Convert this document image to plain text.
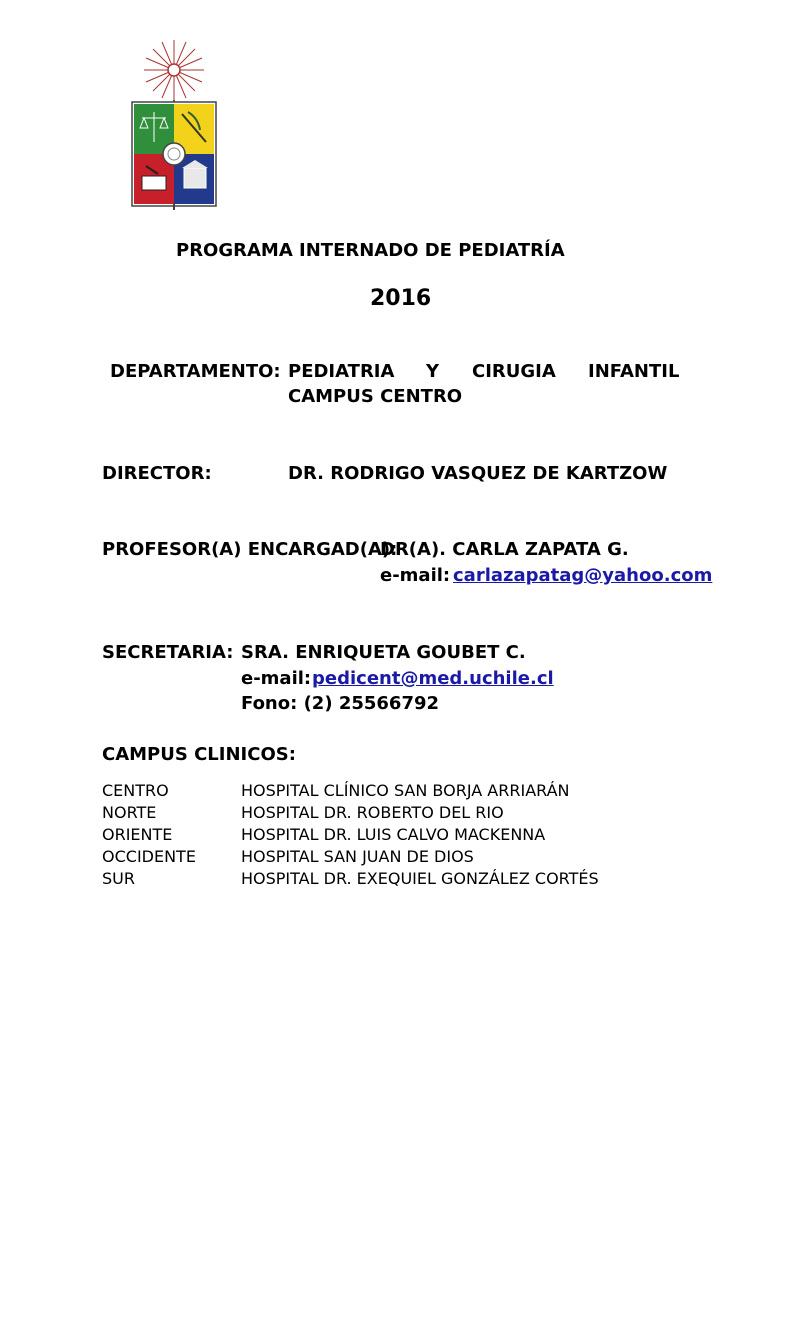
PROGRAMA INTERNADO DE PEDIATRÍA
2016
DEPARTAMENTO: PEDIATRIA Y CIRUGIA INFANTIL
CAMPUS CENTRO
DIRECTOR:	DR. RODRIGO VASQUEZ DE KARTZOW
PROFESOR(A) ENCARGAD(A):
DR(A). CARLA ZAPATA G.
e-mail: carlazapatag@yahoo.com
SECRETARIA: SRA. ENRIQUETA GOUBET C.
e-mail: pedicent@med.uchile.cl
Fono: (2) 25566792
CAMPUS CLINICOS:
CENTRO	HOSPITAL CLÍNICO SAN BORJA ARRIARÁN
NORTE	HOSPITAL DR. ROBERTO DEL RIO
ORIENTE	HOSPITAL DR. LUIS CALVO MACKENNA
OCCIDENTE	HOSPITAL SAN JUAN DE DIOS
SUR	HOSPITAL DR. EXEQUIEL GONZÁLEZ CORTÉS
